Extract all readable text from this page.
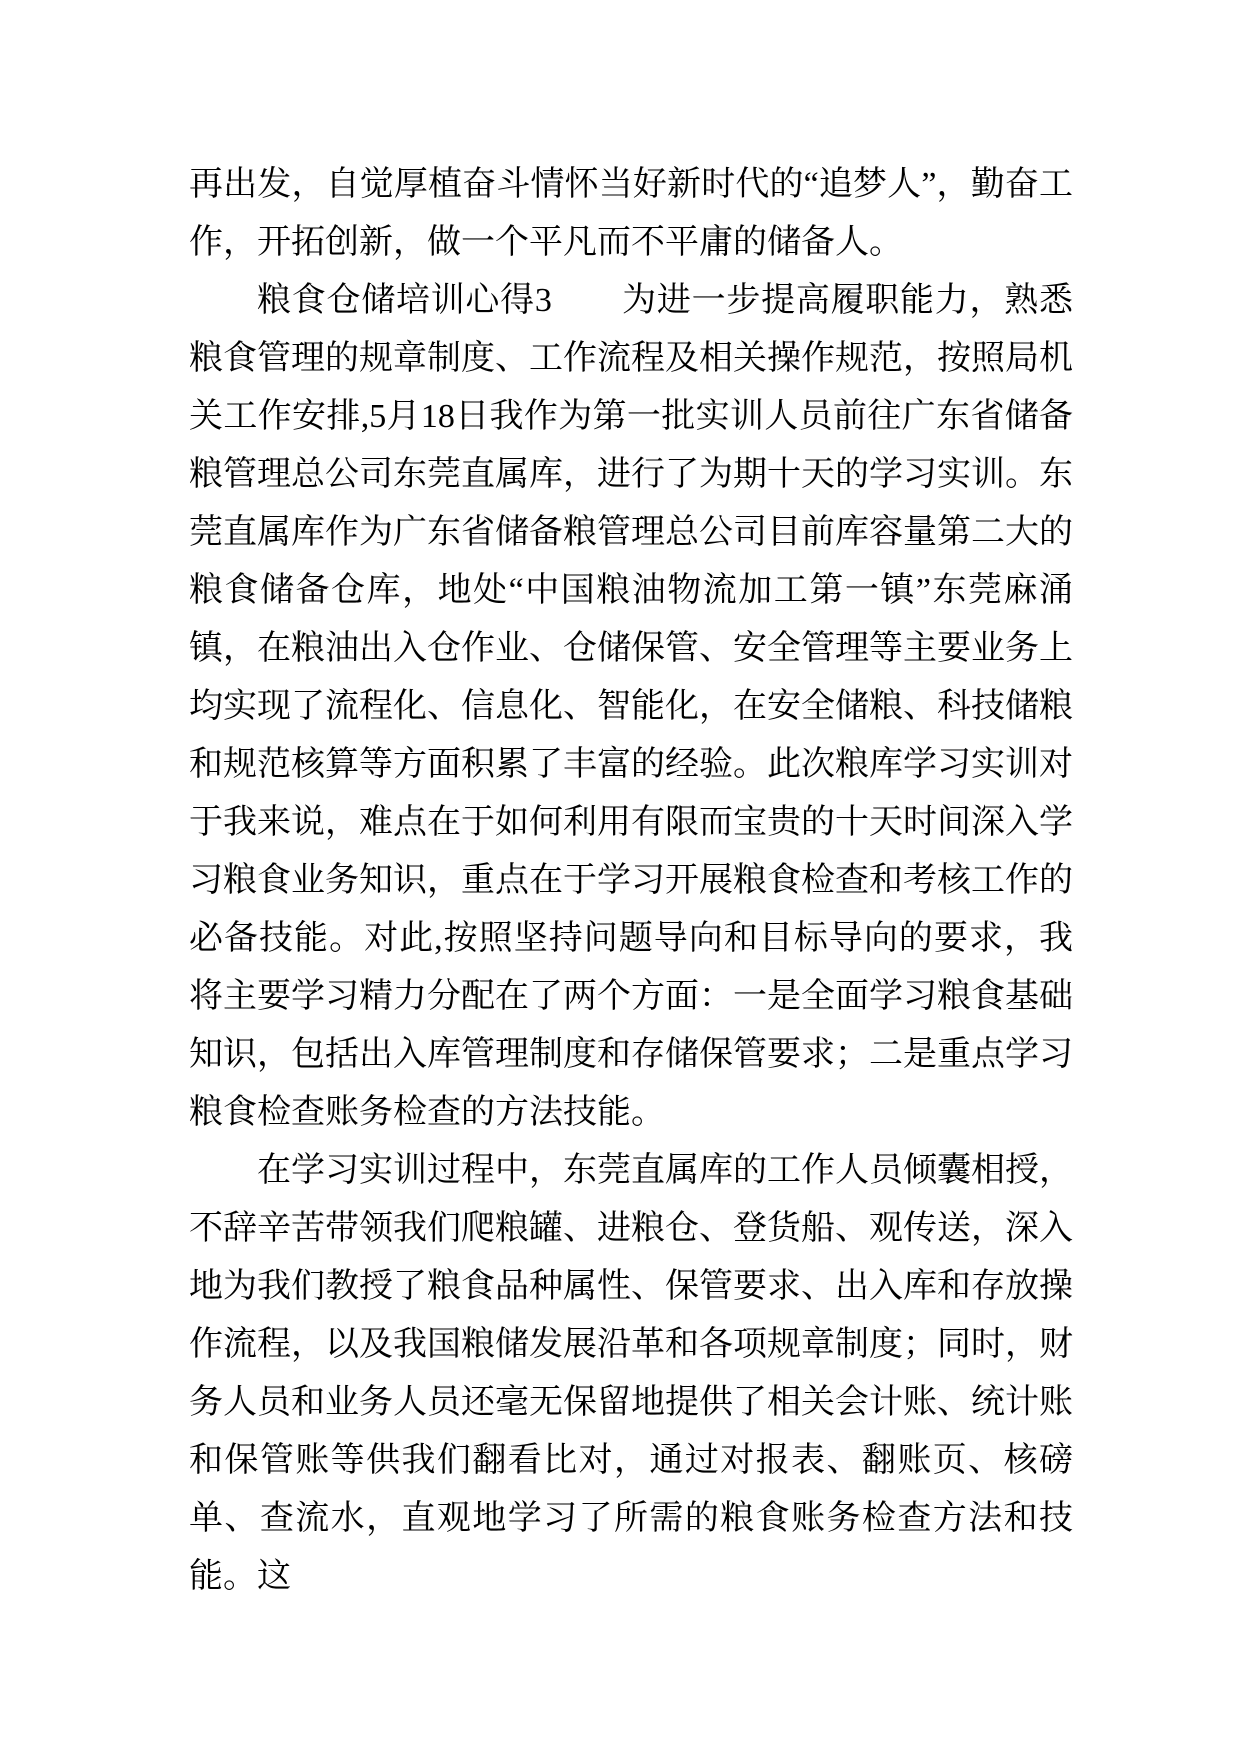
再出发，自觉厚植奋斗情怀当好新时代的“追梦人”，勤奋工作，开拓创新，做一个平凡而不平庸的储备人。

粮食仓储培训心得3　　为进一步提高履职能力，熟悉粮食管理的规章制度、工作流程及相关操作规范，按照局机关工作安排,5月18日我作为第一批实训人员前往广东省储备粮管理总公司东莞直属库，进行了为期十天的学习实训。东莞直属库作为广东省储备粮管理总公司目前库容量第二大的粮食储备仓库，地处“中国粮油物流加工第一镇”东莞麻涌镇，在粮油出入仓作业、仓储保管、安全管理等主要业务上均实现了流程化、信息化、智能化，在安全储粮、科技储粮和规范核算等方面积累了丰富的经验。此次粮库学习实训对于我来说，难点在于如何利用有限而宝贵的十天时间深入学习粮食业务知识，重点在于学习开展粮食检查和考核工作的必备技能。对此,按照坚持问题导向和目标导向的要求，我将主要学习精力分配在了两个方面：一是全面学习粮食基础知识，包括出入库管理制度和存储保管要求；二是重点学习粮食检查账务检查的方法技能。

在学习实训过程中，东莞直属库的工作人员倾囊相授，不辞辛苦带领我们爬粮罐、进粮仓、登货船、观传送，深入地为我们教授了粮食品种属性、保管要求、出入库和存放操作流程，以及我国粮储发展沿革和各项规章制度；同时，财务人员和业务人员还毫无保留地提供了相关会计账、统计账和保管账等供我们翻看比对，通过对报表、翻账页、核磅单、查流水，直观地学习了所需的粮食账务检查方法和技能。这
